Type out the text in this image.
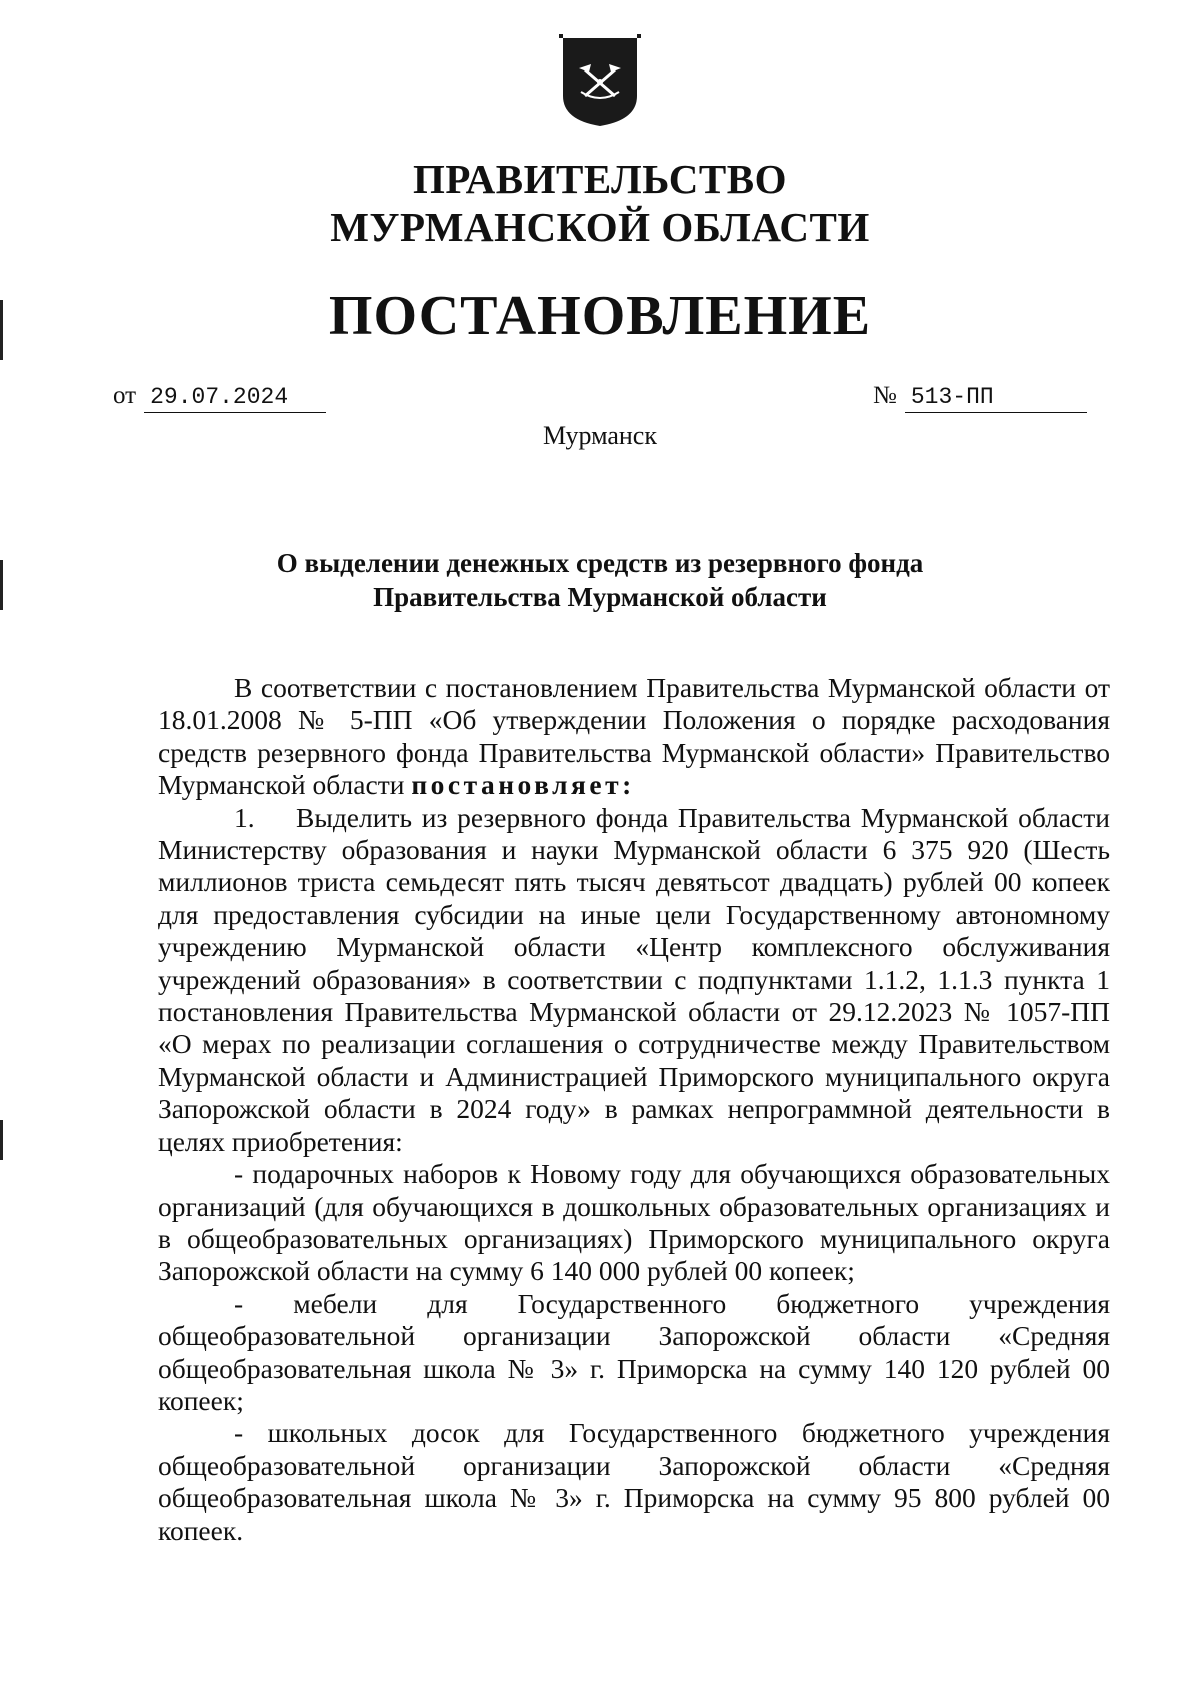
ПРАВИТЕЛЬСТВО
МУРМАНСКОЙ ОБЛАСТИ
ПОСТАНОВЛЕНИЕ
от 29.07.2024	№ 513-ПП
Мурманск
О выделении денежных средств из резервного фонда
Правительства Мурманской области

В соответствии с постановлением Правительства Мурманской области от 18.01.2008 № 5-ПП «Об утверждении Положения о порядке расходования средств резервного фонда Правительства Мурманской области» Правительство Мурманской области постановляет:

1. Выделить из резервного фонда Правительства Мурманской области Министерству образования и науки Мурманской области 6 375 920 (Шесть миллионов триста семьдесят пять тысяч девятьсот двадцать) рублей 00 копеек для предоставления субсидии на иные цели Государственному автономному учреждению Мурманской области «Центр комплексного обслуживания учреждений образования» в соответствии с подпунктами 1.1.2, 1.1.3 пункта 1 постановления Правительства Мурманской области от 29.12.2023 № 1057-ПП «О мерах по реализации соглашения о сотрудничестве между Правительством Мурманской области и Администрацией Приморского муниципального округа Запорожской области в 2024 году» в рамках непрограммной деятельности в целях приобретения:

- подарочных наборов к Новому году для обучающихся образовательных организаций (для обучающихся в дошкольных образовательных организациях и в общеобразовательных организациях) Приморского муниципального округа Запорожской области на сумму 6 140 000 рублей 00 копеек;

- мебели для Государственного бюджетного учреждения общеобразовательной организации Запорожской области «Средняя общеобразовательная школа № 3» г. Приморска на сумму 140 120 рублей 00 копеек;

- школьных досок для Государственного бюджетного учреждения общеобразовательной организации Запорожской области «Средняя общеобразовательная школа № 3» г. Приморска на сумму 95 800 рублей 00 копеек.
